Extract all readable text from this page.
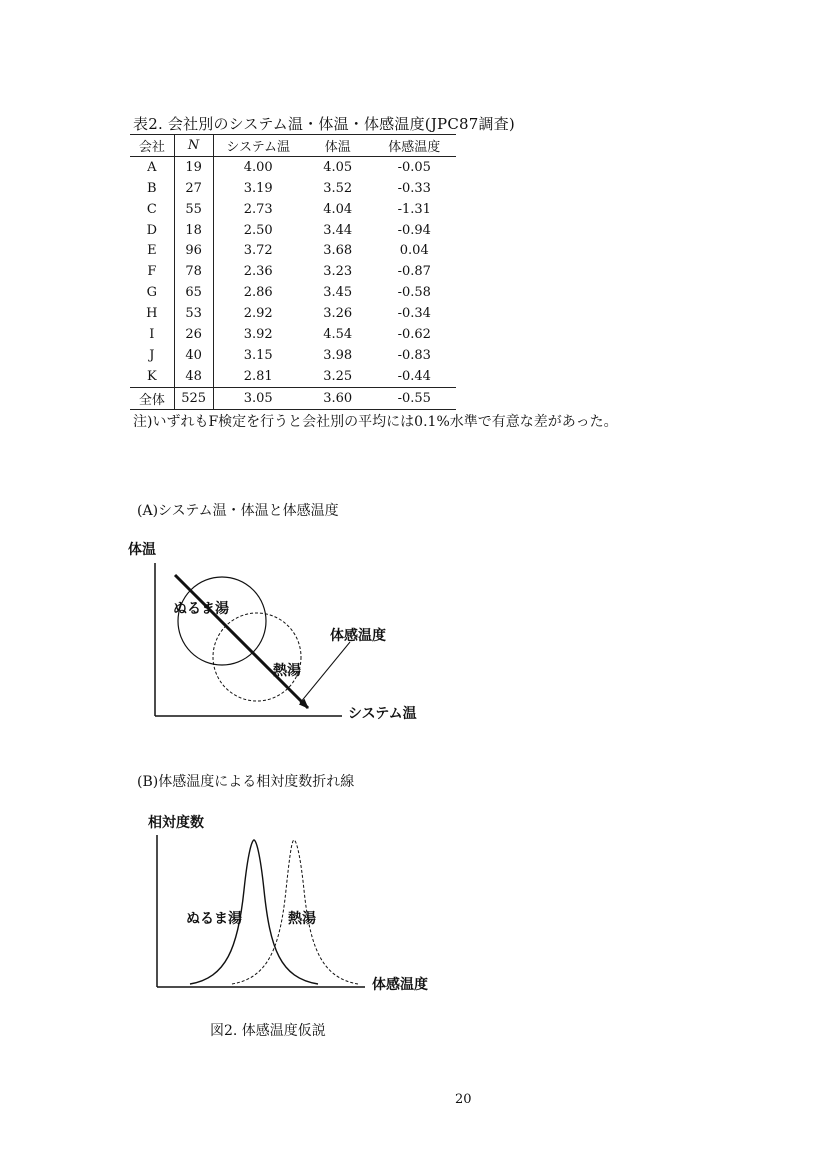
表2. 会社別のシステム温・体温・体感温度(JPC87調査)
会社	N	システム温	体温	体感温度
A	19	4.00	4.05	-0.05
B	27	3.19	3.52	-0.33
C	55	2.73	4.04	-1.31
D	18	2.50	3.44	-0.94
E	96	3.72	3.68	0.04
F	78	2.36	3.23	-0.87
G	65	2.86	3.45	-0.58
H	53	2.92	3.26	-0.34
I	26	3.92	4.54	-0.62
J	40	3.15	3.98	-0.83
K	48	2.81	3.25	-0.44
全体	525	3.05	3.60	-0.55
注)いずれもF検定を行うと会社別の平均には0.1%水準で有意な差があった。
(A)システム温・体温と体感温度
体温
システム温
ぬるま湯
熱湯
体感温度
(B)体感温度による相対度数折れ線
相対度数
体感温度
ぬるま湯	熱湯
図2. 体感温度仮説
20
